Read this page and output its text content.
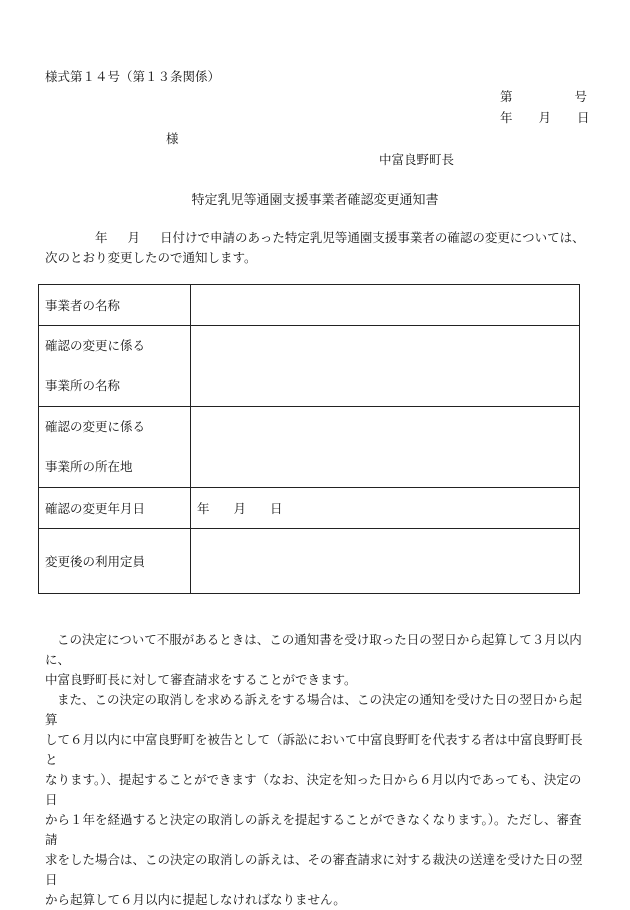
様式第１４号（第１３条関係）
第	号
年 月 日
様
中富良野町長
特定乳児等通園支援事業者確認変更通知書
年 月 日付けで申請のあった特定乳児等通園支援事業者の確認の変更については、
次のとおり変更したので通知します。
事業者の名称	

確認の変更に係る
事業所の名称	

確認の変更に係る
事業所の所在地	

確認の変更年月日	年 月 日
変更後の利用定員	

この決定について不服があるときは、この通知書を受け取った日の翌日から起算して３月以内に、

中富良野町長に対して審査請求をすることができます。

また、この決定の取消しを求める訴えをする場合は、この決定の通知を受けた日の翌日から起算

して６月以内に中富良野町を被告として（訴訟において中富良野町を代表する者は中富良野町長と

なります。）、提起することができます（なお、決定を知った日から６月以内であっても、決定の日

から１年を経過すると決定の取消しの訴えを提起することができなくなります。）。ただし、審査請

求をした場合は、この決定の取消しの訴えは、その審査請求に対する裁決の送達を受けた日の翌日

から起算して６月以内に提起しなければなりません。
